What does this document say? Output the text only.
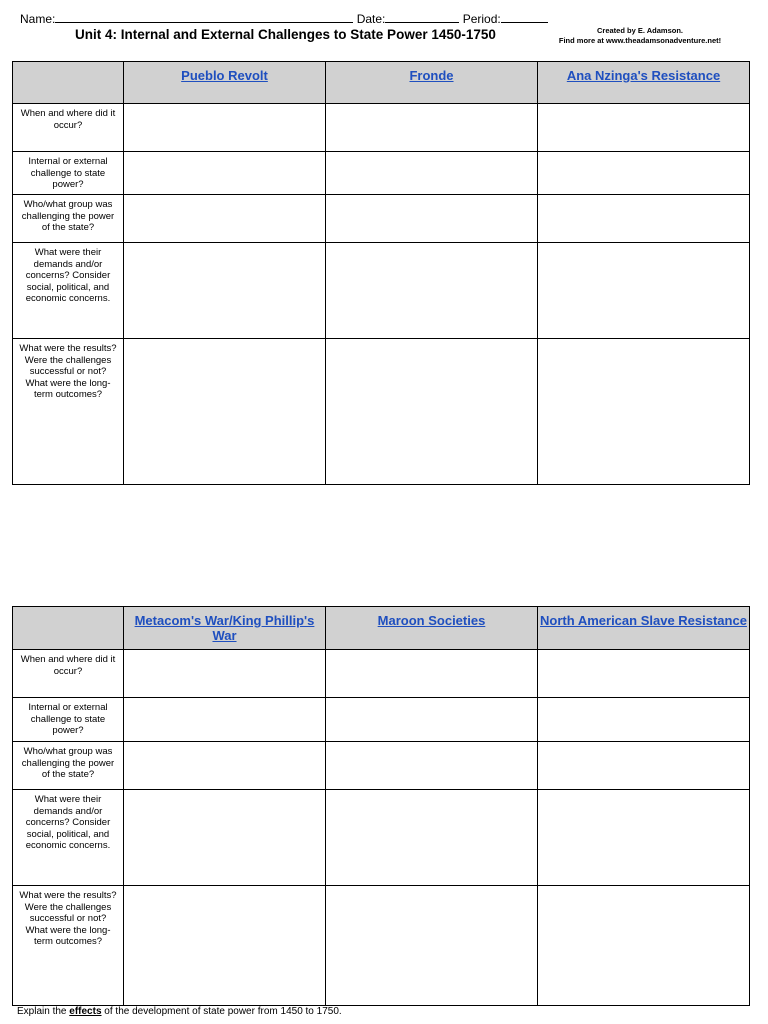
Name:	Date:	Period:
Unit 4: Internal and External Challenges to State Power 1450-1750	Created by E. Adamson.
Find more at www.theadamsonadventure.net!
	Pueblo Revolt	Fronde	Ana Nzinga's Resistance
When and where did it occur?			
Internal or external challenge to state power?			
Who/what group was challenging the power of the state?			
What were their demands and/or concerns? Consider social, political, and economic concerns.			
What were the results? Were the challenges successful or not? What were the long-term outcomes?			
	Metacom's War/King Phillip's War	Maroon Societies	North American Slave Resistance
When and where did it occur?			
Internal or external challenge to state power?			
Who/what group was challenging the power of the state?			
What were their demands and/or concerns? Consider social, political, and economic concerns.			
What were the results? Were the challenges successful or not? What were the long-term outcomes?			
Explain the effects of the development of state power from 1450 to 1750.
